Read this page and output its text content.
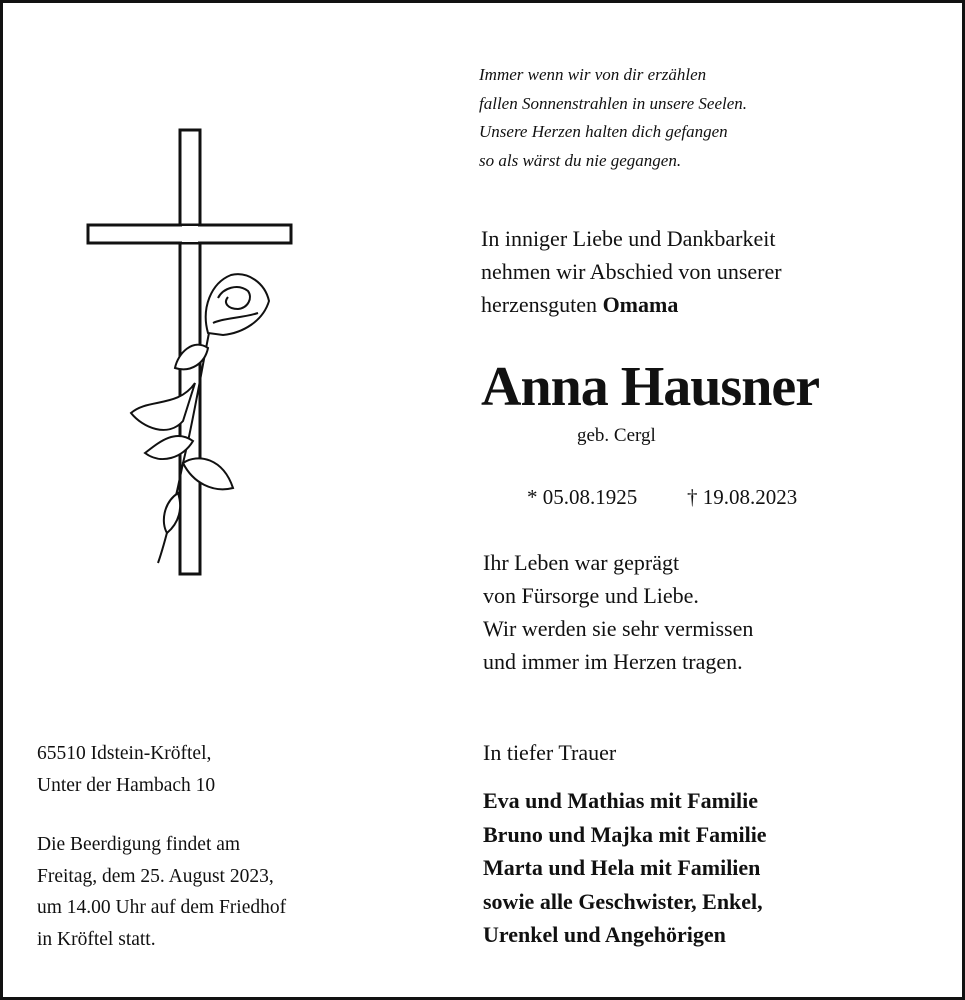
Immer wenn wir von dir erzählen
fallen Sonnenstrahlen in unsere Seelen.
Unsere Herzen halten dich gefangen
so als wärst du nie gegangen.
In inniger Liebe und Dankbarkeit
nehmen wir Abschied von unserer
herzensguten Omama
Anna Hausner
geb. Cergl
* 05.08.1925 † 19.08.2023
Ihr Leben war geprägt
von Fürsorge und Liebe.
Wir werden sie sehr vermissen
und immer im Herzen tragen.
In tiefer Trauer
Eva und Mathias mit Familie
Bruno und Majka mit Familie
Marta und Hela mit Familien
sowie alle Geschwister, Enkel,
Urenkel und Angehörigen
65510 Idstein-Kröftel,
Unter der Hambach 10
Die Beerdigung findet am
Freitag, dem 25. August 2023,
um 14.00 Uhr auf dem Friedhof
in Kröftel statt.
